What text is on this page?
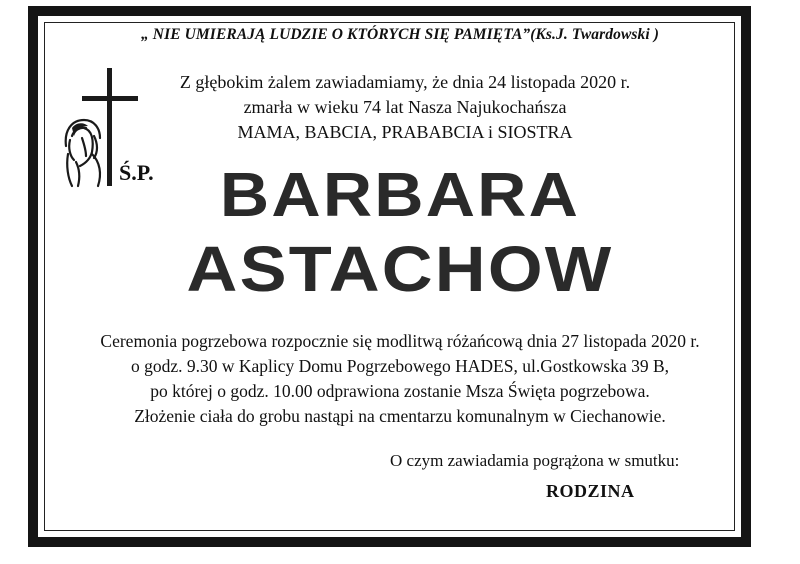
„ NIE UMIERAJĄ LUDZIE O KTÓRYCH SIĘ PAMIĘTA”(Ks.J. Twardowski )
Z głębokim żalem zawiadamiamy, że dnia 24 listopada 2020 r.
zmarła w wieku 74 lat Nasza Najukochańsza
MAMA, BABCIA, PRABABCIA i SIOSTRA
Ś.P.	BARBARA
ASTACHOW
Ceremonia pogrzebowa rozpocznie się modlitwą różańcową dnia 27 listopada 2020 r.
o godz. 9.30 w Kaplicy Domu Pogrzebowego HADES, ul.Gostkowska 39 B,
po której o godz. 10.00 odprawiona zostanie Msza Święta pogrzebowa.
Złożenie ciała do grobu nastąpi na cmentarzu komunalnym w Ciechanowie.
O czym zawiadamia pogrążona w smutku:
RODZINA
